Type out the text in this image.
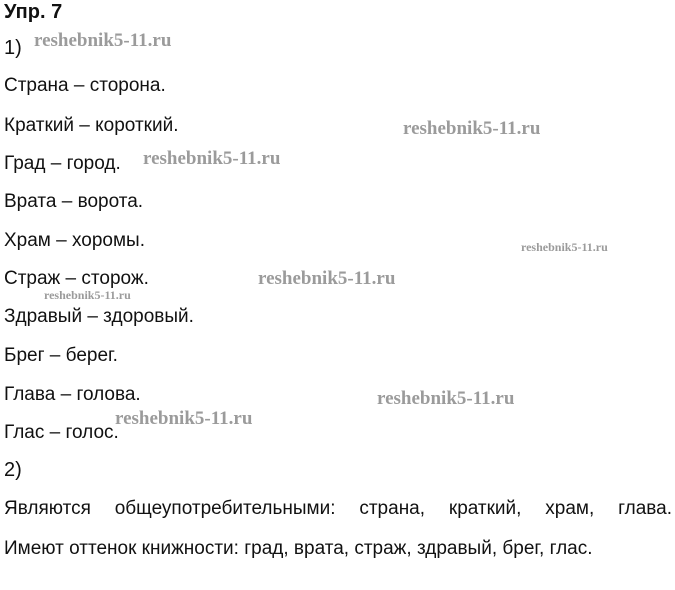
Упр. 7
1)
Страна – сторона.
Краткий – короткий.
Град – город.
Врата – ворота.
Храм – хоромы.
Страж – сторож.
Здравый – здоровый.
Брег – берег.
Глава – голова.
Глас – голос.
2)
Являются общеупотребительными: страна, краткий, храм, глава.
Имеют оттенок книжности: град, врата, страж, здравый, брег, глас.
reshebnik5-11.ru
reshebnik5-11.ru
reshebnik5-11.ru
reshebnik5-11.ru
reshebnik5-11.ru
reshebnik5-11.ru
reshebnik5-11.ru
reshebnik5-11.ru
